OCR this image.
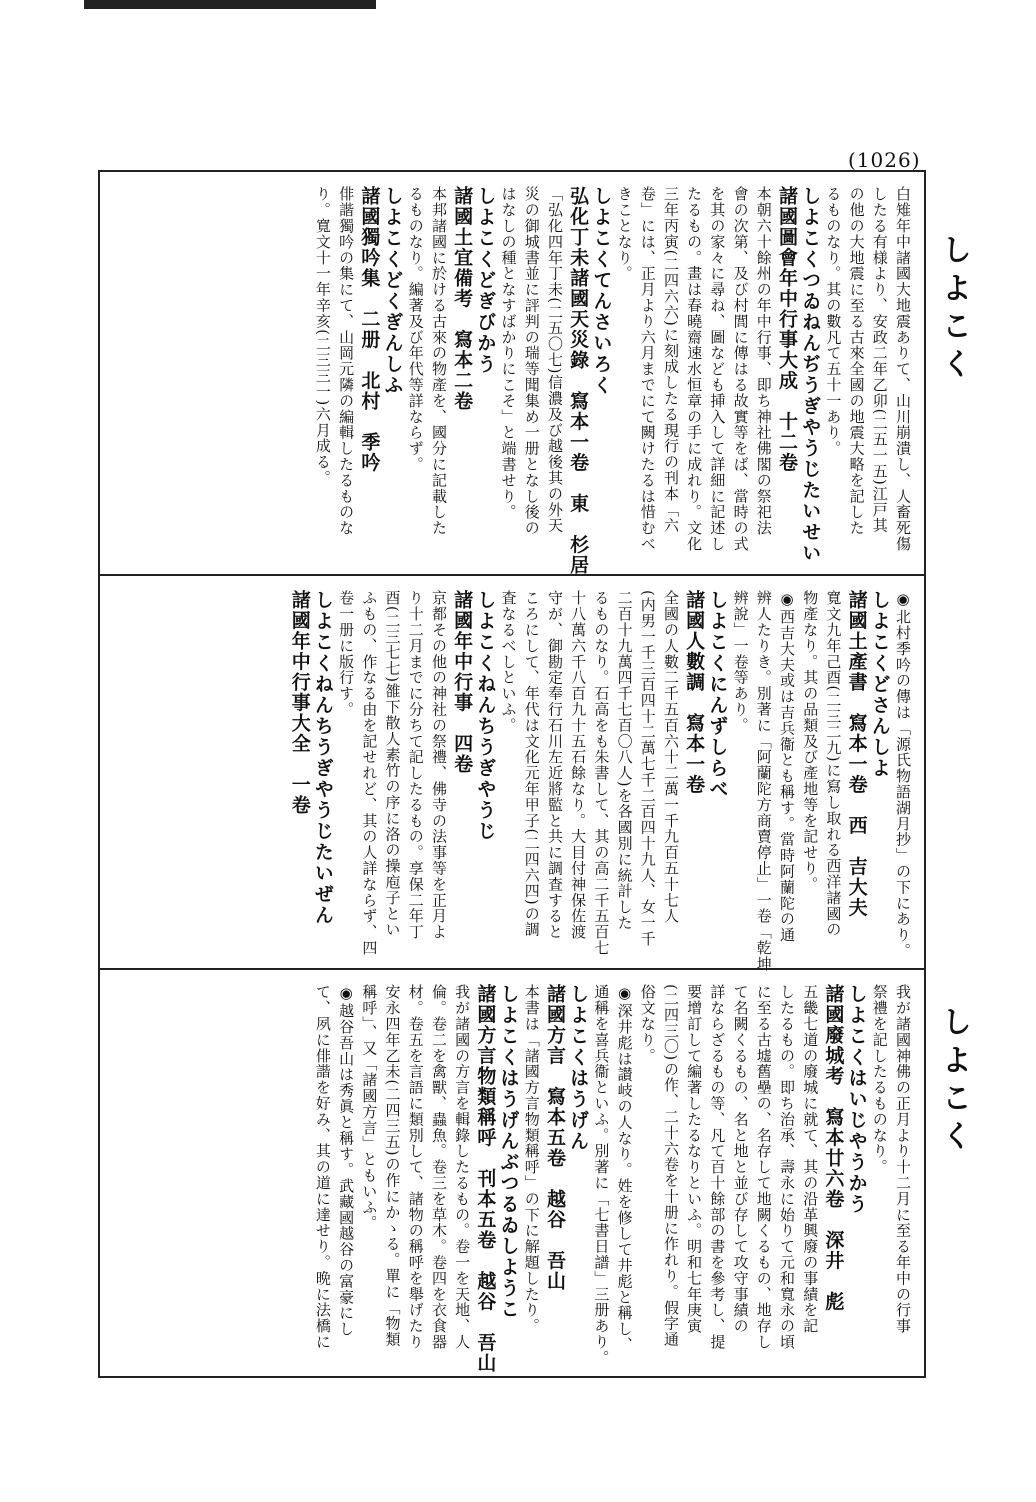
(1026)
しよこく
しよこく
白雉年中諸國大地震ありて、山川崩潰し、人畜死傷
したる有様より、安政二年乙卯(二五一五)江戸其
の他の大地震に至る古來全國の地震大略を記した
るものなり。其の數凡て五十一あり。
しよこくつゐねんぢうぎやうじたいせい
諸國圖會年中行事大成　十二卷
本朝六十餘州の年中行事、即ち神社佛閣の祭祀法
會の次第、及び村閭に傳はる故實等をば、當時の式
を其の家々に尋ね、圖なども挿入して詳細に記述し
たるもの。畫は春曉齋速水恒章の手に成れり。文化
三年丙寅(二四六六)に刻成したる現行の刊本「六
卷」には、正月より六月までにて闕けたるは惜むべ
きことなり。
しよこくてんさいろく
弘化丁未諸國天災錄　寫本一卷　東　杉居
「弘化四年丁未(二五〇七)信濃及び越後其の外天
災の御城書並に評判の瑞等聞集め一册となし後の
はなしの種となすばかりにこそ」と端書せり。
しよこくどぎびかう
諸國土宜備考　寫本二卷
本邦諸國に於ける古來の物產を、國分に記載した
るものなり。編著及び年代等詳ならず。
しよこくどくぎんしふ
諸國獨吟集　二册　北村　季吟
俳諧獨吟の集にて、山岡元隣の編輯したるものな
り。寬文十一年辛亥(二三三一)六月成る。
◉北村季吟の傳は「源氏物語湖月抄」の下にあり。
しよこくどさんしよ
諸國土產書　寫本一卷　西　吉大夫
寬文九年己酉(二三二九)に寫し取れる西洋諸國の
物產なり。其の品類及び產地等を記せり。
◉西吉大夫或は吉兵衞とも稱す。當時阿蘭陀の通
辨人たりき。別著に「阿蘭陀方商賣停止」一卷「乾坤
辨說」一卷等あり。
しよこくにんずしらべ
諸國人數調　寫本一卷
全國の人數二千五百六十二萬一千九百五十七人
(内男一千三百四十二萬七千二百四十九人、女一千
二百十九萬四千七百〇八人)を各國別に統計した
るものなり。石高をも朱書して、其の高二千五百七
十八萬六千八百九十五石餘なり。大目付神保佐渡
守が、御勘定奉行石川左近將監と共に調査すると
ころにして、年代は文化元年甲子(二四六四)の調
査なるべしといふ。
しよこくねんちうぎやうじ
諸國年中行事　四卷
京都その他の神社の祭禮、佛寺の法事等を正月よ
り十二月までに分ちて記したるもの。享保二年丁
酉(二三七七)雒下散人素竹の序に洛の操庖子とい
ふもの、作なる由を記せれど、其の人詳ならず、四
卷一册に版行す。
しよこくねんちうぎやうじたいぜん
諸國年中行事大全　一卷
我が諸國神佛の正月より十二月に至る年中の行事
祭禮を記したるものなり。
しよこくはいじやうかう
諸國廢城考　寫本廿六卷　深井　彪
五畿七道の廢城に就て、其の沿革興廢の事績を記
したるもの。即ち治承、壽永に始りて元和寬永の頃
に至る古墟舊壘の、名存して地闕くるもの、地存し
て名闕くるもの、名と地と並び存して攻守事績の
詳ならざるもの等、凡て百十餘部の書を參考し、提
要增訂して編著したるなりといふ。明和七年庚寅
(二四三〇)の作、二十六卷を十册に作れり。假字通
俗文なり。
◉深井彪は讃岐の人なり。姓を修して井彪と稱し、
通稱を喜兵衞といふ。別著に「七書日譜」三册あり。
しよこくはうげん
諸國方言　寫本五卷　越谷　吾山
本書は「諸國方言物類稱呼」の下に解題したり。
しよこくはうげんぶつるゐしようこ
諸國方言物類稱呼　刊本五卷　越谷　吾山
我が諸國の方言を輯錄したるもの。卷一を天地、人
倫。卷二を禽獸、蟲魚。卷三を草木。卷四を衣食器
材。卷五を言語に類別して、諸物の稱呼を舉げたり
安永四年乙未(二四三五)の作にかゝる。單に「物類
稱呼」、又「諸國方言」ともいふ。
◉越谷吾山は秀眞と稱す。武藏國越谷の富豪にし
て、夙に俳諧を好み、其の道に達せり。晩に法橋に
